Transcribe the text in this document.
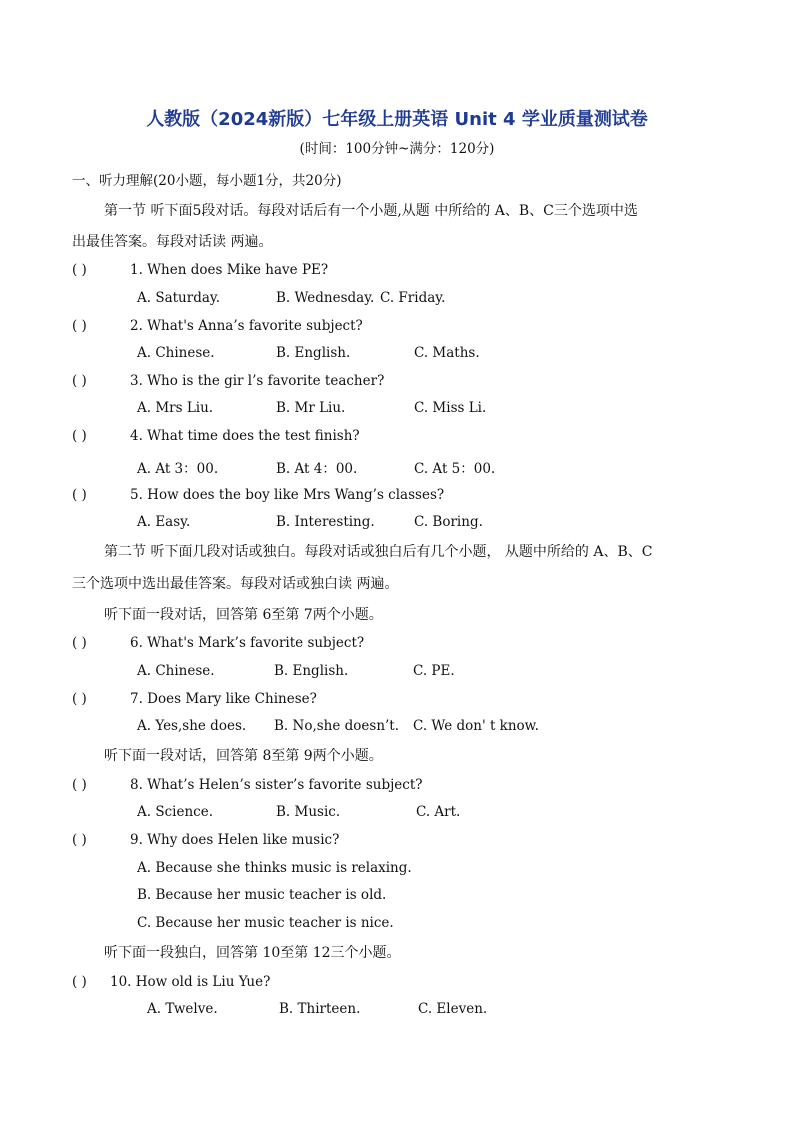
人教版（2024新版）七年级上册英语 Unit 4 学业质量测试卷
(时间：100分钟~满分：120分)
一、听力理解(20小题，每小题1分，共20分)
第一节 听下面5段对话。每段对话后有一个小题,从题 中所给的 A、B、C三个选项中选
出最佳答案。每段对话读 两遍。
( )	1. When does Mike have PE?
A. Saturday.	B. Wednesday. C. Friday.
( )	2. What's Anna’s favorite subject?
A. Chinese.	B. English.	C. Maths.
( )	3. Who is the gir l’s favorite teacher?
A. Mrs Liu.	B. Mr Liu.	C. Miss Li.
( )	4. What time does the test finish?
A. At 3：00.	B. At 4：00.	C. At 5：00.
( )	5. How does the boy like Mrs Wang’s classes?
A. Easy.	B. Interesting.	C. Boring.
第二节 听下面几段对话或独白。每段对话或独白后有几个小题， 从题中所给的 A、B、C
三个选项中选出最佳答案。每段对话或独白读 两遍。
听下面一段对话，回答第 6至第 7两个小题。
( )	6. What's Mark’s favorite subject?
A. Chinese.	B. English.	C. PE.
( )	7. Does Mary like Chinese?
A. Yes,she does. B. No,she doesn’t. C. We don' t know.
听下面一段对话，回答第 8至第 9两个小题。
( )	8. What’s Helen’s sister’s favorite subject?
A. Science.	B. Music.	C. Art.
( )	9. Why does Helen like music?
A. Because she thinks music is relaxing.
B. Because her music teacher is old.
C. Because her music teacher is nice.
听下面一段独白，回答第 10至第 12三个小题。
( ) 10. How old is Liu Yue?
A. Twelve.	B. Thirteen.	C. Eleven.
